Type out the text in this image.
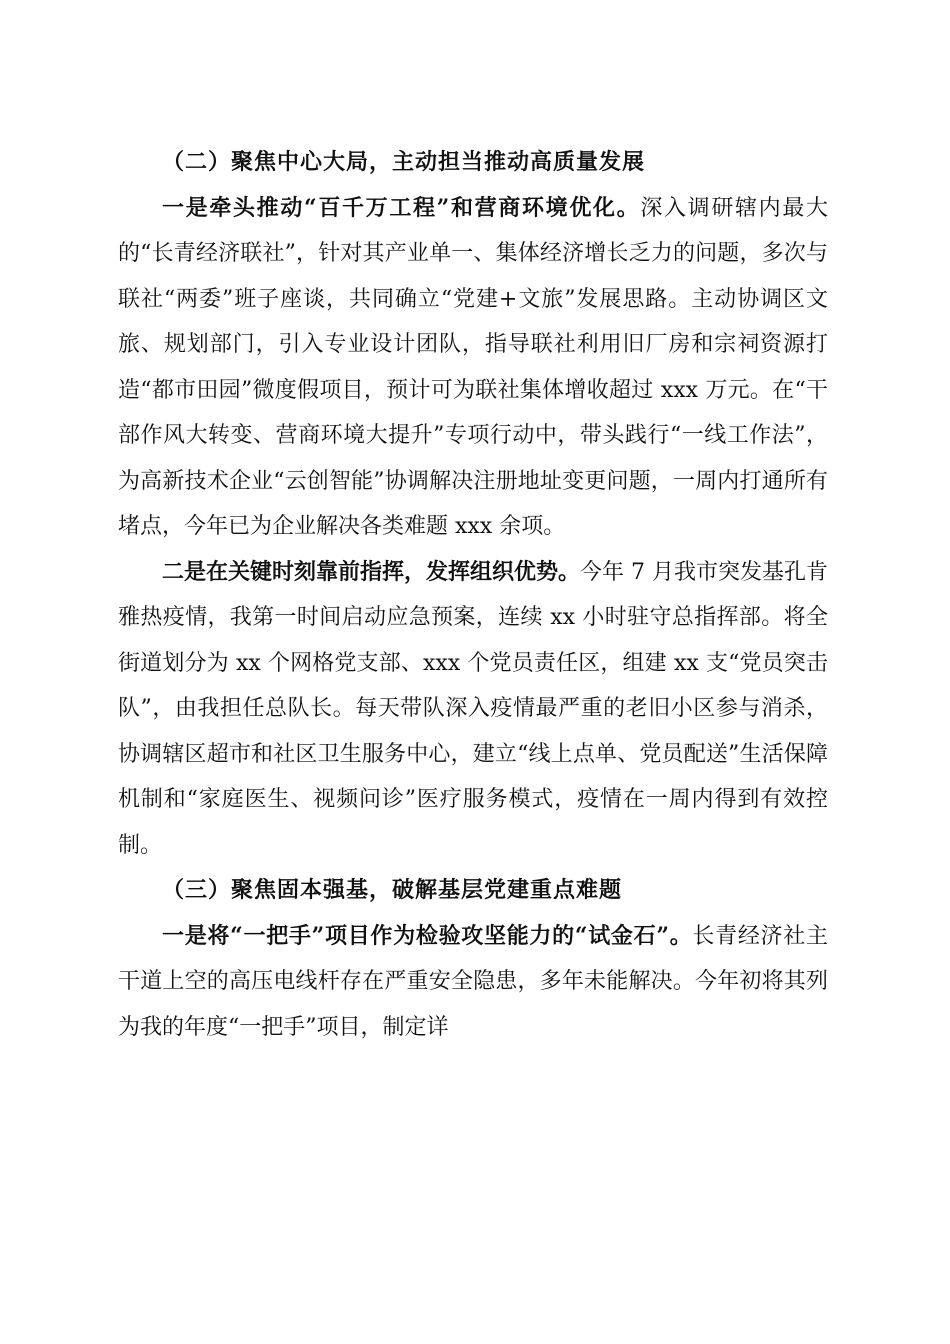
（二）聚焦中心大局，主动担当推动高质量发展

一是牵头推动“百千万工程”和营商环境优化。深入调研辖内最大的“长青经济联社”，针对其产业单一、集体经济增长乏力的问题，多次与联社“两委”班子座谈，共同确立“党建+文旅”发展思路。主动协调区文旅、规划部门，引入专业设计团队，指导联社利用旧厂房和宗祠资源打造“都市田园”微度假项目，预计可为联社集体增收超过 xxx 万元。在“干部作风大转变、营商环境大提升”专项行动中，带头践行“一线工作法”，为高新技术企业“云创智能”协调解决注册地址变更问题，一周内打通所有堵点，今年已为企业解决各类难题 xxx 余项。

二是在关键时刻靠前指挥，发挥组织优势。今年 7 月我市突发基孔肯雅热疫情，我第一时间启动应急预案，连续 xx 小时驻守总指挥部。将全街道划分为 xx 个网格党支部、xxx 个党员责任区，组建 xx 支“党员突击队”，由我担任总队长。每天带队深入疫情最严重的老旧小区参与消杀，协调辖区超市和社区卫生服务中心，建立“线上点单、党员配送”生活保障机制和“家庭医生、视频问诊”医疗服务模式，疫情在一周内得到有效控制。

（三）聚焦固本强基，破解基层党建重点难题

一是将“一把手”项目作为检验攻坚能力的“试金石”。长青经济社主干道上空的高压电线杆存在严重安全隐患，多年未能解决。今年初将其列为我的年度“一把手”项目，制定详
